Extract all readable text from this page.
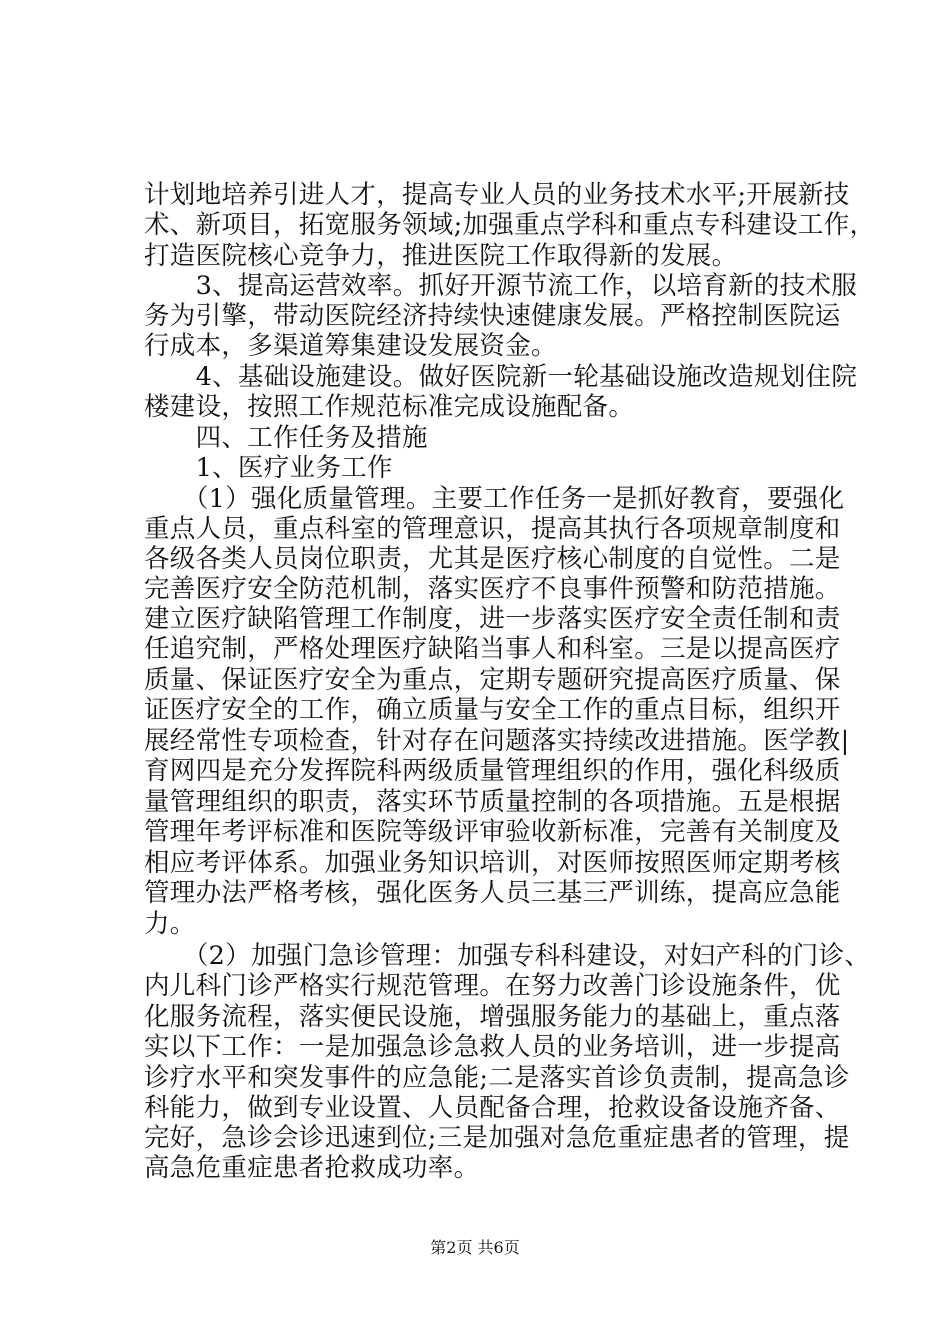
计划地培养引进人才，提高专业人员的业务技术水平;开展新技
术、新项目，拓宽服务领域;加强重点学科和重点专科建设工作，
打造医院核心竞争力，推进医院工作取得新的发展。
　　3、提高运营效率。抓好开源节流工作，以培育新的技术服
务为引擎，带动医院经济持续快速健康发展。严格控制医院运
行成本，多渠道筹集建设发展资金。
　　4、基础设施建设。做好医院新一轮基础设施改造规划住院
楼建设，按照工作规范标准完成设施配备。
　　四、工作任务及措施
　　1、医疗业务工作
　　（1）强化质量管理。主要工作任务一是抓好教育，要强化
重点人员，重点科室的管理意识，提高其执行各项规章制度和
各级各类人员岗位职责，尤其是医疗核心制度的自觉性。二是
完善医疗安全防范机制，落实医疗不良事件预警和防范措施。
建立医疗缺陷管理工作制度，进一步落实医疗安全责任制和责
任追究制，严格处理医疗缺陷当事人和科室。三是以提高医疗
质量、保证医疗安全为重点，定期专题研究提高医疗质量、保
证医疗安全的工作，确立质量与安全工作的重点目标，组织开
展经常性专项检查，针对存在问题落实持续改进措施。医学教|
育网四是充分发挥院科两级质量管理组织的作用，强化科级质
量管理组织的职责，落实环节质量控制的各项措施。五是根据
管理年考评标准和医院等级评审验收新标准，完善有关制度及
相应考评体系。加强业务知识培训，对医师按照医师定期考核
管理办法严格考核，强化医务人员三基三严训练，提高应急能
力。
　　（2）加强门急诊管理：加强专科科建设，对妇产科的门诊、
内儿科门诊严格实行规范管理。在努力改善门诊设施条件，优
化服务流程，落实便民设施，增强服务能力的基础上，重点落
实以下工作：一是加强急诊急救人员的业务培训，进一步提高
诊疗水平和突发事件的应急能;二是落实首诊负责制，提高急诊
科能力，做到专业设置、人员配备合理，抢救设备设施齐备、
完好，急诊会诊迅速到位;三是加强对急危重症患者的管理，提
高急危重症患者抢救成功率。
第2页 共6页
